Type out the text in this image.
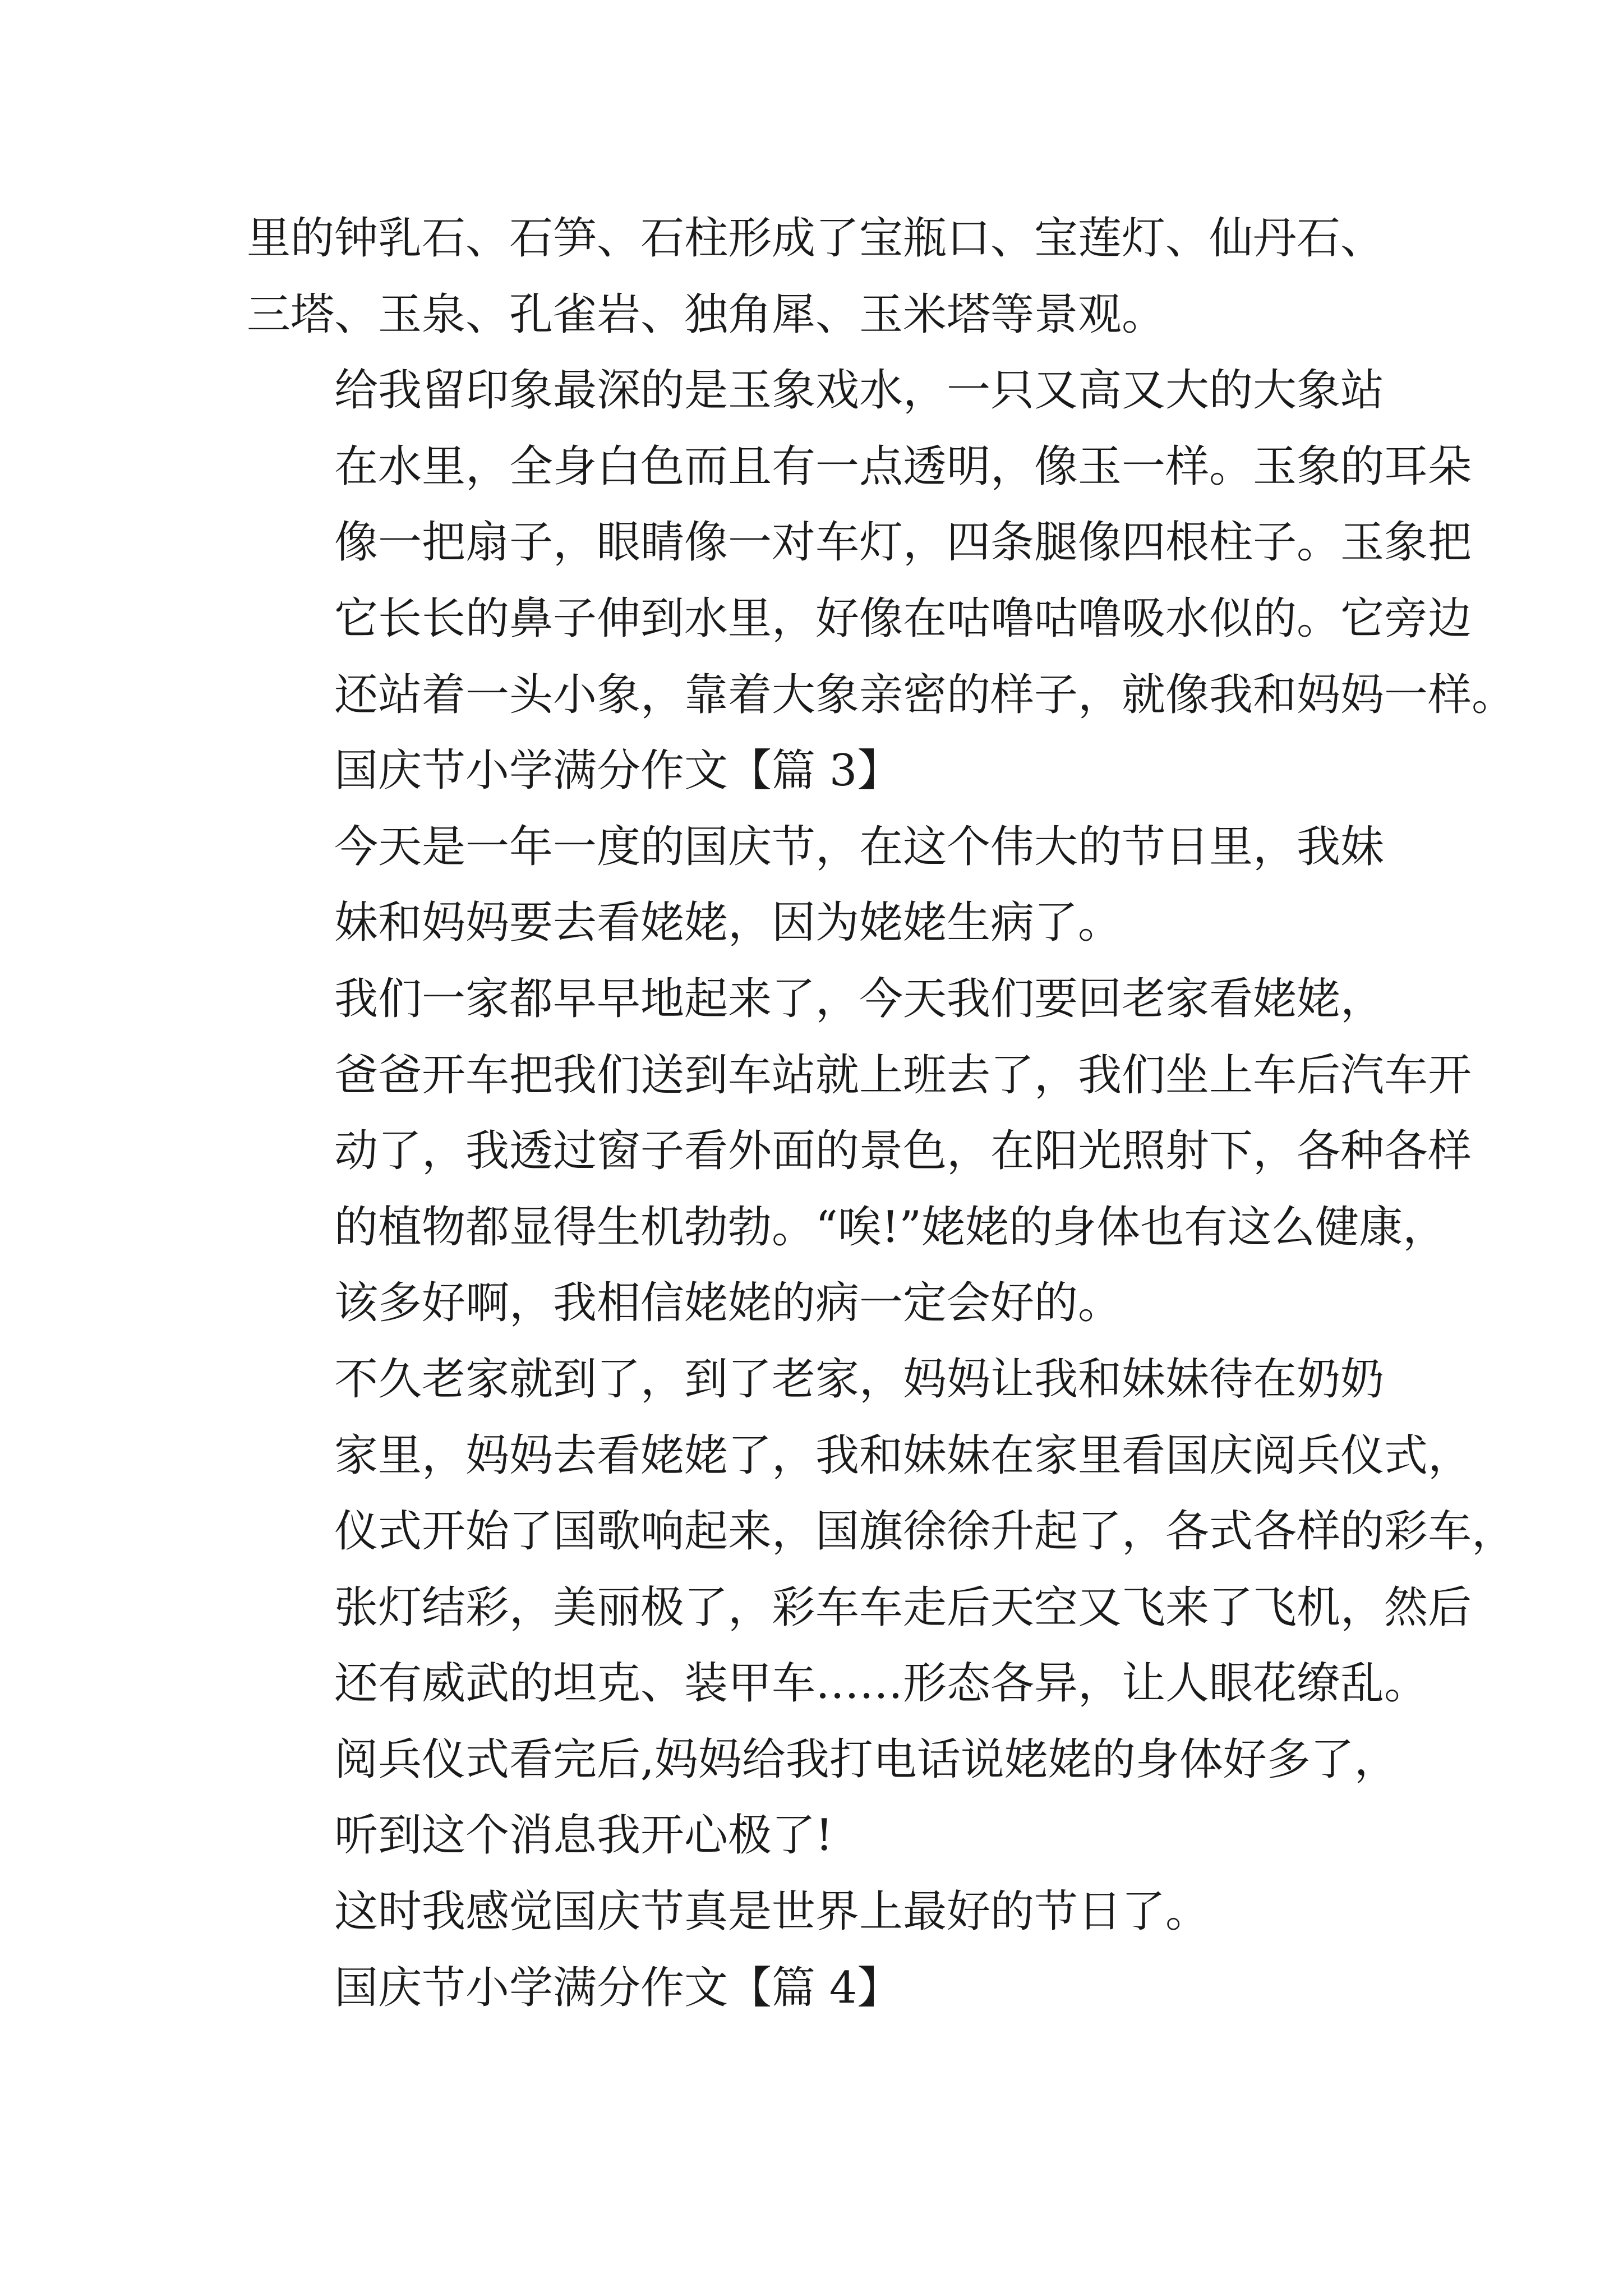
里的钟乳石、石笋、石柱形成了宝瓶口、宝莲灯、仙丹石、
三塔、玉泉、孔雀岩、独角犀、玉米塔等景观。

给我留印象最深的是玉象戏水，一只又高又大的大象站
在水里，全身白色而且有一点透明，像玉一样。玉象的耳朵
像一把扇子，眼睛像一对车灯，四条腿像四根柱子。玉象把
它长长的鼻子伸到水里，好像在咕噜咕噜吸水似的。它旁边
还站着一头小象，靠着大象亲密的样子，就像我和妈妈一样。

国庆节小学满分作文【篇 3】

今天是一年一度的国庆节，在这个伟大的节日里，我妹
妹和妈妈要去看姥姥，因为姥姥生病了。

我们一家都早早地起来了，今天我们要回老家看姥姥，
爸爸开车把我们送到车站就上班去了，我们坐上车后汽车开
动了，我透过窗子看外面的景色，在阳光照射下，各种各样
的植物都显得生机勃勃。“唉!”姥姥的身体也有这么健康，
该多好啊，我相信姥姥的病一定会好的。

不久老家就到了，到了老家，妈妈让我和妹妹待在奶奶
家里，妈妈去看姥姥了，我和妹妹在家里看国庆阅兵仪式，
仪式开始了国歌响起来，国旗徐徐升起了，各式各样的彩车，
张灯结彩，美丽极了，彩车车走后天空又飞来了飞机，然后
还有威武的坦克、装甲车……形态各异，让人眼花缭乱。

阅兵仪式看完后,妈妈给我打电话说姥姥的身体好多了，
听到这个消息我开心极了!

这时我感觉国庆节真是世界上最好的节日了。

国庆节小学满分作文【篇 4】
